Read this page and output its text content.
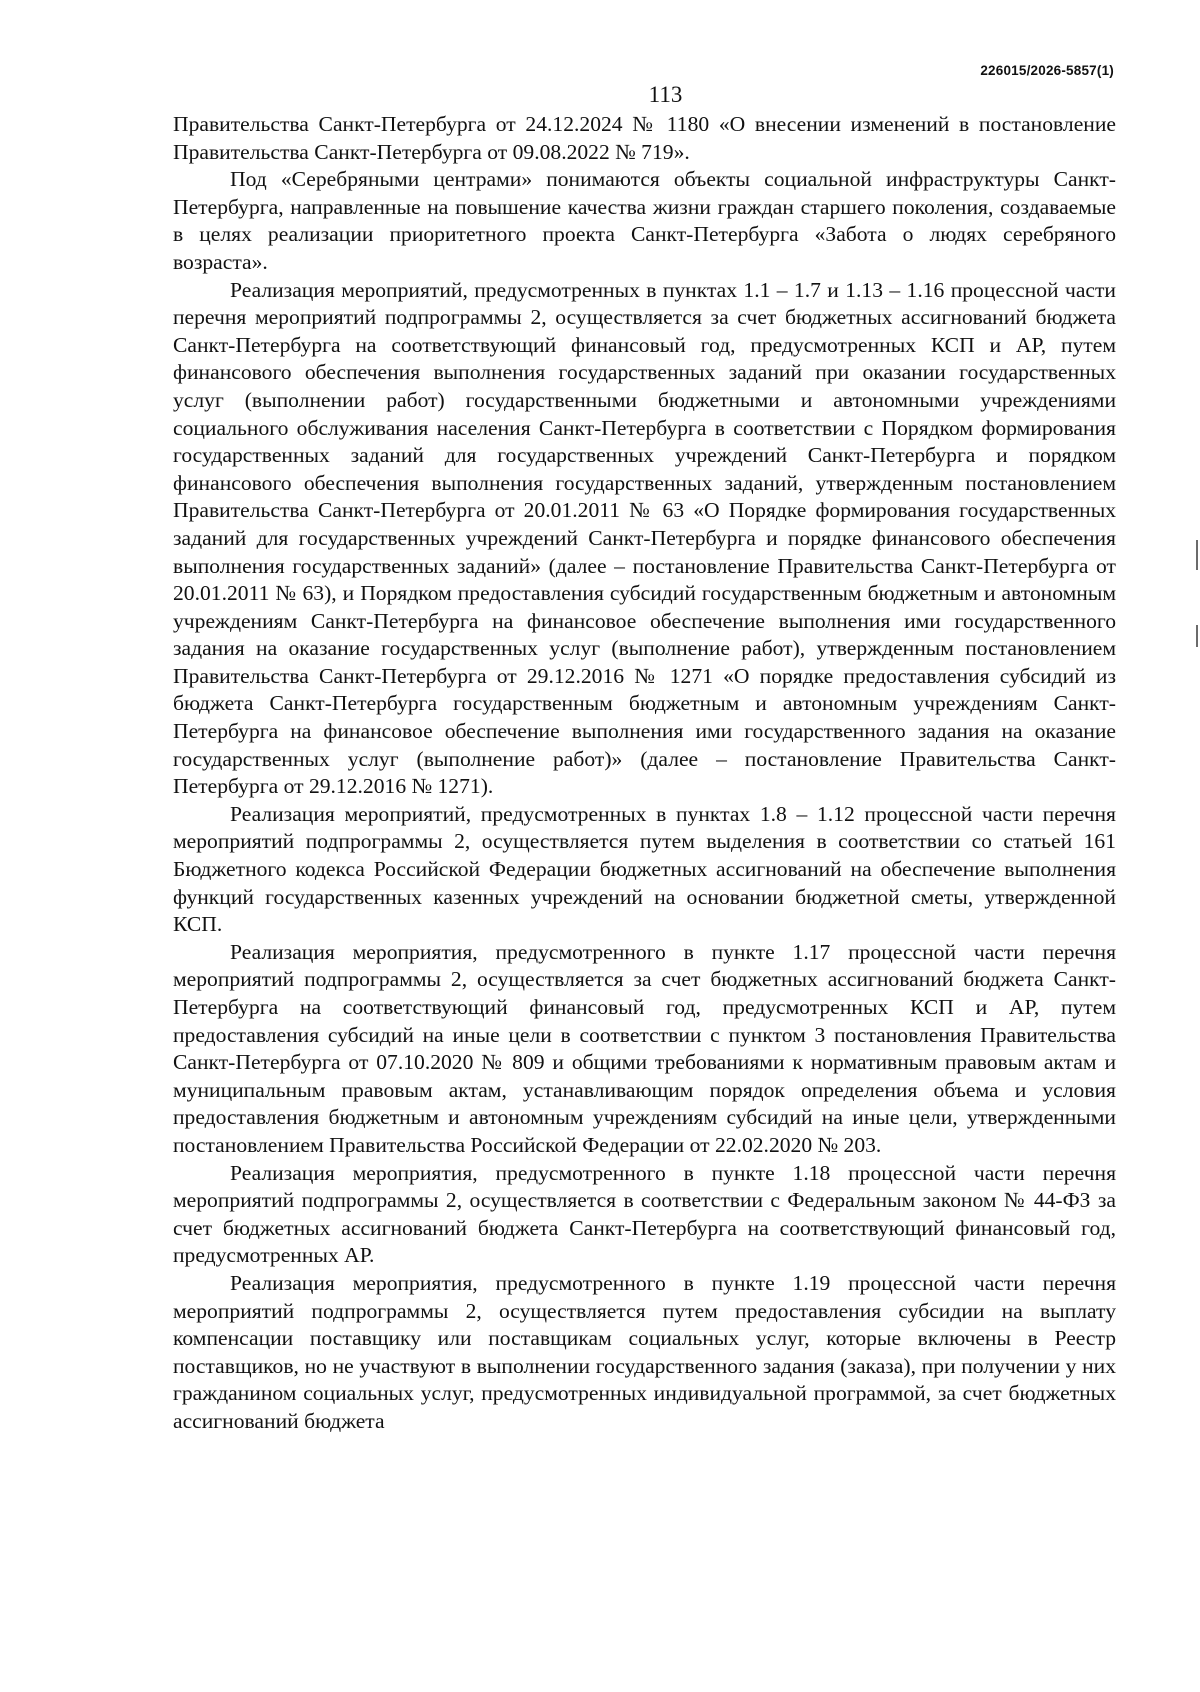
226015/2026-5857(1)
113

Правительства Санкт-Петербурга от 24.12.2024 № 1180 «О внесении изменений в постановление Правительства Санкт-Петербурга от 09.08.2022 № 719».

Под «Серебряными центрами» понимаются объекты социальной инфраструктуры Санкт-Петербурга, направленные на повышение качества жизни граждан старшего поколения, создаваемые в целях реализации приоритетного проекта Санкт-Петербурга «Забота о людях серебряного возраста».

Реализация мероприятий, предусмотренных в пунктах 1.1 – 1.7 и 1.13 – 1.16 процессной части перечня мероприятий подпрограммы 2, осуществляется за счет бюджетных ассигнований бюджета Санкт-Петербурга на соответствующий финансовый год, предусмотренных КСП и АР, путем финансового обеспечения выполнения государственных заданий при оказании государственных услуг (выполнении работ) государственными бюджетными и автономными учреждениями социального обслуживания населения Санкт-Петербурга в соответствии с Порядком формирования государственных заданий для государственных учреждений Санкт-Петербурга и порядком финансового обеспечения выполнения государственных заданий, утвержденным постановлением Правительства Санкт-Петербурга от 20.01.2011 № 63 «О Порядке формирования государственных заданий для государственных учреждений Санкт-Петербурга и порядке финансового обеспечения выполнения государственных заданий» (далее – постановление Правительства Санкт-Петербурга от 20.01.2011 № 63), и Порядком предоставления субсидий государственным бюджетным и автономным учреждениям Санкт-Петербурга на финансовое обеспечение выполнения ими государственного задания на оказание государственных услуг (выполнение работ), утвержденным постановлением Правительства Санкт-Петербурга от 29.12.2016 № 1271 «О порядке предоставления субсидий из бюджета Санкт-Петербурга государственным бюджетным и автономным учреждениям Санкт-Петербурга на финансовое обеспечение выполнения ими государственного задания на оказание государственных услуг (выполнение работ)» (далее – постановление Правительства Санкт-Петербурга от 29.12.2016 № 1271).

Реализация мероприятий, предусмотренных в пунктах 1.8 – 1.12 процессной части перечня мероприятий подпрограммы 2, осуществляется путем выделения в соответствии со статьей 161 Бюджетного кодекса Российской Федерации бюджетных ассигнований на обеспечение выполнения функций государственных казенных учреждений на основании бюджетной сметы, утвержденной КСП.

Реализация мероприятия, предусмотренного в пункте 1.17 процессной части перечня мероприятий подпрограммы 2, осуществляется за счет бюджетных ассигнований бюджета Санкт-Петербурга на соответствующий финансовый год, предусмотренных КСП и АР, путем предоставления субсидий на иные цели в соответствии с пунктом 3 постановления Правительства Санкт-Петербурга от 07.10.2020 № 809 и общими требованиями к нормативным правовым актам и муниципальным правовым актам, устанавливающим порядок определения объема и условия предоставления бюджетным и автономным учреждениям субсидий на иные цели, утвержденными постановлением Правительства Российской Федерации от 22.02.2020 № 203.

Реализация мероприятия, предусмотренного в пункте 1.18 процессной части перечня мероприятий подпрограммы 2, осуществляется в соответствии с Федеральным законом № 44-ФЗ за счет бюджетных ассигнований бюджета Санкт-Петербурга на соответствующий финансовый год, предусмотренных АР.

Реализация мероприятия, предусмотренного в пункте 1.19 процессной части перечня мероприятий подпрограммы 2, осуществляется путем предоставления субсидии на выплату компенсации поставщику или поставщикам социальных услуг, которые включены в Реестр поставщиков, но не участвуют в выполнении государственного задания (заказа), при получении у них гражданином социальных услуг, предусмотренных индивидуальной программой, за счет бюджетных ассигнований бюджета
